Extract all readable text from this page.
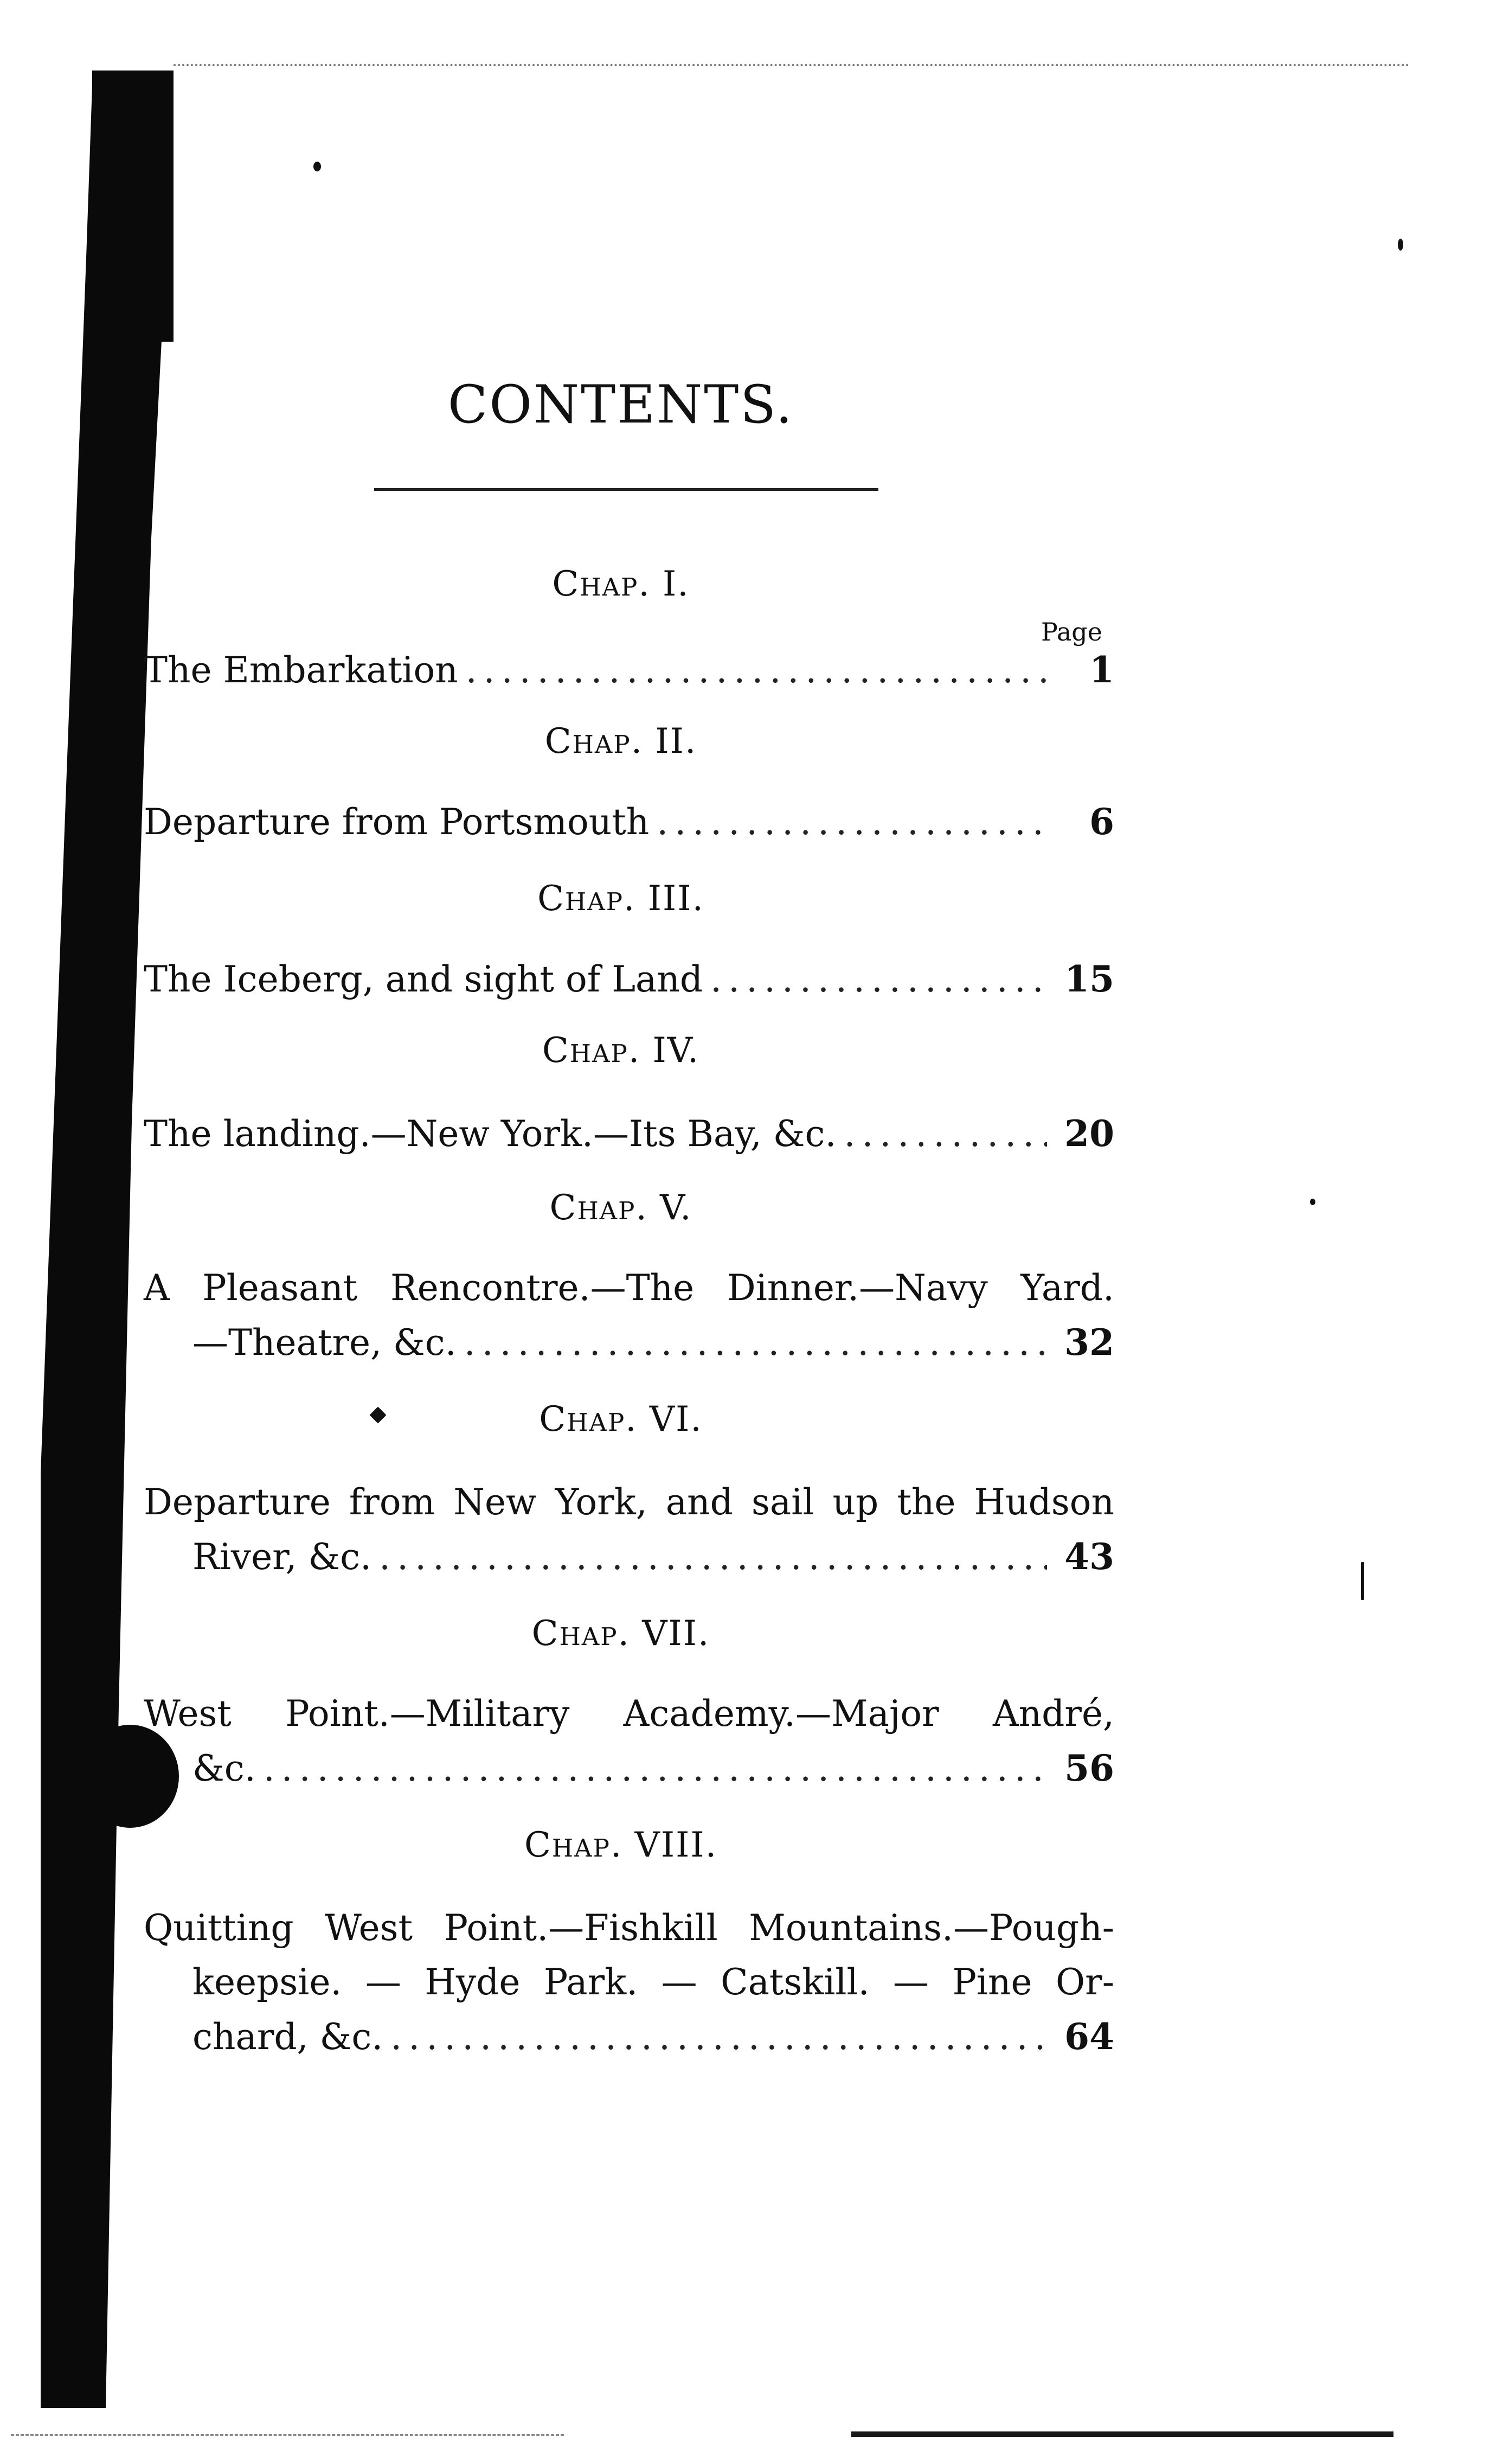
CONTENTS.
Page
Chap. I.
The Embarkation .....	1
Chap. II.
Departure from Portsmouth .....	6
Chap. III.
The Iceberg, and sight of Land .....	15
Chap. IV.
The landing.—New York.—Its Bay, &c. .....	20
Chap. V.
A Pleasant Rencontre.—The Dinner.—Navy Yard.
—Theatre, &c. .....	32
Chap. VI.
Departure from New York, and sail up the Hudson
River, &c. .....	43
Chap. VII.
West Point.—Military Academy.—Major André,
&c. .....	56
Chap. VIII.
Quitting West Point.—Fishkill Mountains.—Pough-
keepsie. — Hyde Park. — Catskill. — Pine Or-
chard, &c. .....	64
